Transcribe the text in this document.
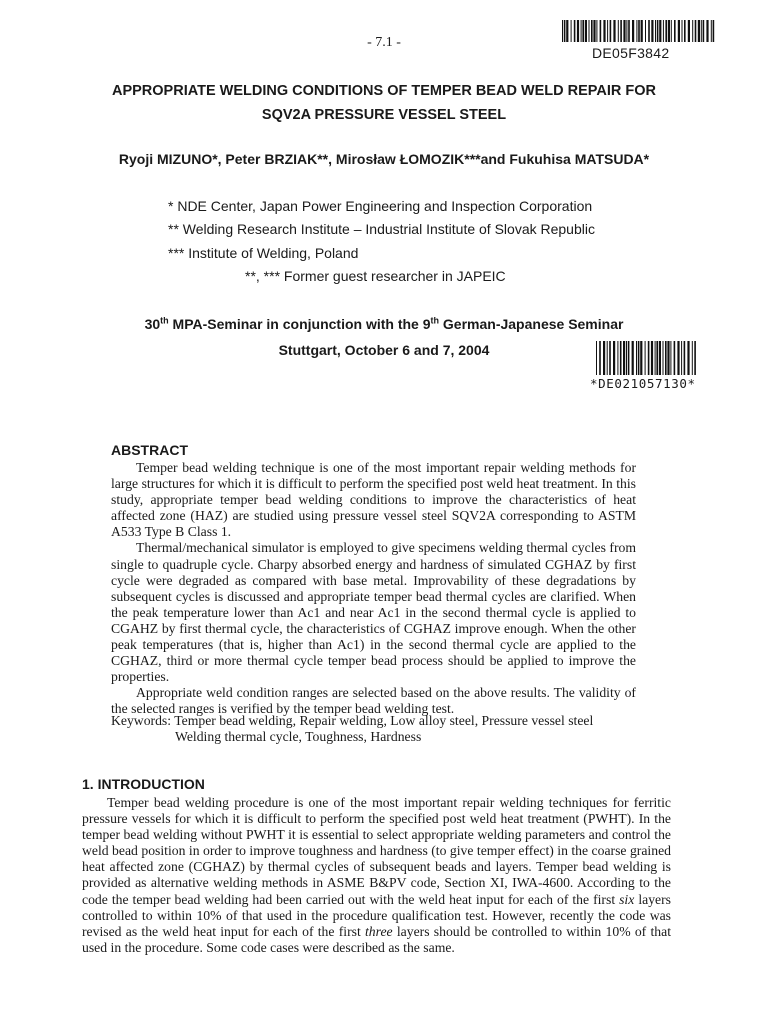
- 7.1 -
DE05F3842
APPROPRIATE WELDING CONDITIONS OF TEMPER BEAD WELD REPAIR FOR
SQV2A PRESSURE VESSEL STEEL
Ryoji MIZUNO*, Peter BRZIAK**, Mirosław ŁOMOZIK***and Fukuhisa MATSUDA*
* NDE Center, Japan Power Engineering and Inspection Corporation
** Welding Research Institute – Industrial Institute of Slovak Republic
*** Institute of Welding, Poland
**, *** Former guest researcher in JAPEIC
30th MPA-Seminar in conjunction with the 9th German-Japanese Seminar
Stuttgart, October 6 and 7, 2004
*DE021057130*
ABSTRACT

Temper bead welding technique is one of the most important repair welding methods for large structures for which it is difficult to perform the specified post weld heat treatment. In this study, appropriate temper bead welding conditions to improve the characteristics of heat affected zone (HAZ) are studied using pressure vessel steel SQV2A corresponding to ASTM A533 Type B Class 1.

Thermal/mechanical simulator is employed to give specimens welding thermal cycles from single to quadruple cycle. Charpy absorbed energy and hardness of simulated CGHAZ by first cycle were degraded as compared with base metal. Improvability of these degradations by subsequent cycles is discussed and appropriate temper bead thermal cycles are clarified. When the peak temperature lower than Ac1 and near Ac1 in the second thermal cycle is applied to CGAHZ by first thermal cycle, the characteristics of CGHAZ improve enough. When the other peak temperatures (that is, higher than Ac1) in the second thermal cycle are applied to the CGHAZ, third or more thermal cycle temper bead process should be applied to improve the properties.

Appropriate weld condition ranges are selected based on the above results. The validity of the selected ranges is verified by the temper bead welding test.

Keywords: Temper bead welding, Repair welding, Low alloy steel, Pressure vessel steel
Welding thermal cycle, Toughness, Hardness
1. INTRODUCTION

Temper bead welding procedure is one of the most important repair welding techniques for ferritic pressure vessels for which it is difficult to perform the specified post weld heat treatment (PWHT). In the temper bead welding without PWHT it is essential to select appropriate welding parameters and control the weld bead position in order to improve toughness and hardness (to give temper effect) in the coarse grained heat affected zone (CGHAZ) by thermal cycles of subsequent beads and layers. Temper bead welding is provided as alternative welding methods in ASME B&PV code, Section XI, IWA-4600. According to the code the temper bead welding had been carried out with the weld heat input for each of the first six layers controlled to within 10% of that used in the procedure qualification test. However, recently the code was revised as the weld heat input for each of the first three layers should be controlled to within 10% of that used in the procedure. Some code cases were described as the same.
